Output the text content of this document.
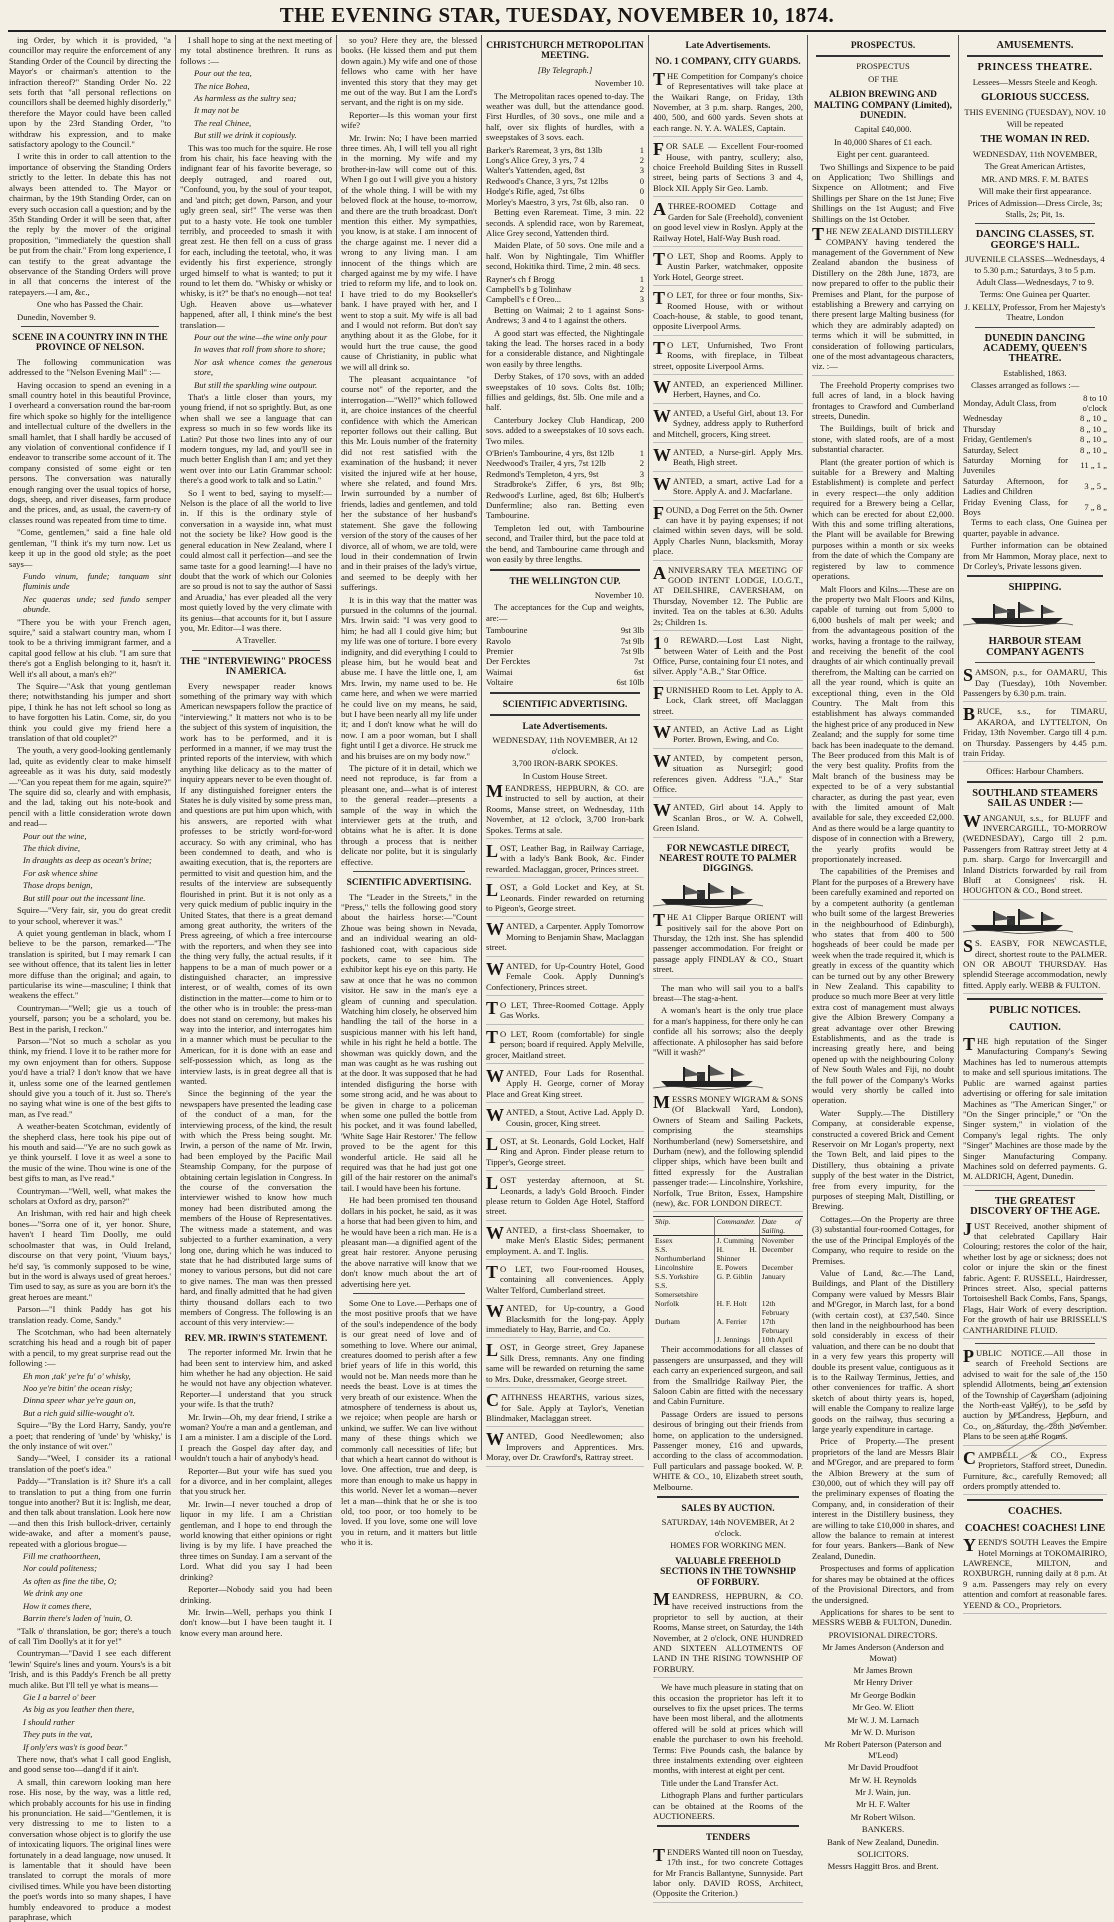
THE EVENING STAR, TUESDAY, NOVEMBER 10, 1874.

ing Order, by which it is provided, "a councillor may require the enforcement of any Standing Order of the Council by directing the Mayor's or chairman's attention to the infraction thereof?" Standing Order No. 22 sets forth that "all personal reflections on councillors shall be deemed highly disorderly," therefore the Mayor could have been called upon by the 23rd Standing Order, "to withdraw his expression, and to make satisfactory apology to the Council."

I write this in order to call attention to the importance of observing the Standing Orders strictly to the letter. In debate this has not always been attended to. The Mayor or chairman, by the 19th Standing Order, can on every such occasion call a question; and by the 35th Standing Order it will be seen that, after the reply by the mover of the original proposition, "immediately the question shall be put from the chair." From long experience, I can testify to the great advantage the observance of the Standing Orders will prove in all that concerns the interest of the ratepayers.—I am, &c.,

One who has Passed the Chair.

Dunedin, November 9.

SCENE IN A COUNTRY INN IN THE PROVINCE OF NELSON.

The following communication was addressed to the "Nelson Evening Mail" :—

Having occasion to spend an evening in a small country hotel in this beautiful Province, I overheard a conversation round the bar-room fire which spoke so highly for the intelligence and intellectual culture of the dwellers in the small hamlet, that I shall hardly be accused of any violation of conventional confidence if I endeavor to transcribe some account of it. The company consisted of some eight or ten persons. The conversation was naturally enough ranging over the usual topics of horse, dogs, sheep, and river diseases, farm produce and the prices, and, as usual, the cavern-ry of classes round was repeated from time to time.

"Come, gentlemen," said a fine hale old gentleman, "I think it's my turn now. Let us keep it up in the good old style; as the poet says—

Fundo vinum, funde; tanquam sint fluminis unde

Nec quaeras unde; sed fundo semper abunde.

"There you be with your French agen, squire," said a stalwart country man, whom I took to be a thriving immigrant farmer, and a capital good fellow at his club. "I am sure that there's got a English belonging to it, hasn't it. Well it's all about, a man's eh?"

The Squire—"Ask that young gentleman there; notwithstanding his jumper and short pipe, I think he has not left school so long as to have forgotten his Latin. Come, sir, do you think you could give my friend here a translation of that old couplet?"

The youth, a very good-looking gentlemanly lad, quite as evidently clear to make himself agreeable as it was his duty, said modestly—"Can you repeat them for me again, squire?" The squire did so, clearly and with emphasis, and the lad, taking out his note-book and pencil with a little consideration wrote down and read—

Pour out the wine,

The thick divine,

In draughts as deep as ocean's brine;

For ask whence shine

Those drops benign,

But still pour out the incessant line.

Squire—"Very fair, sir, you do great credit to your school, wherever it was."

A quiet young gentleman in black, whom I believe to be the parson, remarked—"The translation is spirited, but I may remark I can see without offence, that its talent lies in letter more diffuse than the original; and again, to particularise its wine—masculine; I think that weakens the effect."

Countryman—"Well; gie us a touch of yourself, parson; you be a scholard, you be. Best in the parish, I reckon."

Parson—"Not so much a scholar as you think, my friend. I love it to be rather more for my own enjoyment than for others. Suppose you'd have a trial? I don't know that we have it, unless some one of the learned gentlemen should give you a touch of it. Just so. There's no saying what wine is one of the best gifts to man, as I've read."

A weather-beaten Scotchman, evidently of the shepherd class, here took his pipe out of his mouth and said—"Ye are no such gowk as ye think yourself. I love it as weel a sone to the music of the wine. Thou wine is one of the best gifts to man, as I've read."

Countryman—"Well, well, what makes the scholars at Oxford as dry, parson?"

An Irishman, with red hair and high cheek bones—"Sorra one of it, yer honor. Shure, haven't I heard Tim Doolly, me ould schoolmaster that was, in Ould Ireland, discourse on that very point, 'Viuum bays,' he'd say, 'is commonly supposed to be wine, but in the word is always used of great heroes.' Tim used to say, as sure as you are born it's the great heroes are meant."

Parson—"I think Paddy has got his translation ready. Come, Sandy."

The Scotchman, who had been alternately scratching his head and a rough bit of paper with a pencil, to my great surprise read out the following :—

Eh mon ,tak' ye're fu' o' whisky,

Noo ye're bitin' the ocean risky;

Dinna speer whar ye're gaun on,

But a rich guid sillie-wought o't.

Squire—"By the Lord Harry, Sandy, you're a poet; that rendering of 'unde' by 'whisky,' is the only instance of wit over."

Sandy—"Weel, I consider its a rational translation of the poet's idea."

Paddy—"Translation is it? Shure it's a call to translation to put a thing from one furrin tongue into another? But it is: Inglish, me dear, and then talk about translation. Look here now—and then this Irish bullock-driver, certainly wide-awake, and after a moment's pause, repeated with a glorious brogue—

Fill me crathoortheen,

Nor could politeness;

As often as fine the tibe, O;

We drink any one

How it comes there,

Barrin there's laden of 'nuin, O.

"Talk o' thranslation, be gor; there's a touch of call Tim Doolly's at it for ye!"

Countryman—"David I see each different 'lewin' Squire's lines and yourn. Yours's is a bit 'Irish, and is this Paddy's French be all pretty much alike. But I'll tell ye what is means—

Gie I a barrel o' beer

As big as you leather then there,

I should rather

They puts in the vat,

If only'ers was't is good bear."

There now, that's what I call good English, and good sense too—dang'd if it ain't.

A small, thin careworn looking man here rose. His nose, by the way, was a little red, which probably accounts for his use in finding his pronunciation. He said—"Gentlemen, it is very distressing to me to listen to a conversation whose object is to glorify the use of intoxicating liquors. The original lines were fortunately in a dead language, now unused. It is lamentable that it should have been translated to corrupt the morals of more civilised times. While you have been distorting the poet's words into so many shapes, I have humbly endeavored to produce a modest paraphrase, which

I shall hope to sing at the next meeting of my total abstinence brethren. It runs as follows :—

Pour out the tea,

The nice Bohea,

As harmless as the sultry sea;

It may not be

The real Chinee,

But still we drink it copiously.

This was too much for the squire. He rose from his chair, his face heaving with the indignant fear of his favorite beverage, so deeply outraged, and roared out, "Confound, you, by the soul of your teapot, and 'and pitch; get down, Parson, and your ugly green seal, sir!" The verse was then put to a hasty vote. He took one tumbler terribly, and proceeded to smash it with great zest. He then fell on a cuss of grass for each, including the teetotal, who, it was evidently his first experience, strongly urged himself to what is wanted; to put it round to let them do. "Whisky or whisky or whisky, is it?" be that's no enough—not tea! Ugh. Heaven above us—whatever happened, after all, I think mine's the best translation—

Pour out the wine—the wine only pour

In waves that roll from shore to shore;

Nor ask whence comes the generous store,

But still the sparkling wine outpour.

That's a little closer than yours, my young friend, if not so sprightly. But, as one when shall we see a language that can express so much in so few words like its Latin? Put those two lines into any of our modern tongues, my lad, and you'll see in much better English than I am; and yet they went over into our Latin Grammar school: there's a good work to talk and so Latin."

So I went to bed, saying to myself:—Nelson is the place of all the world to live in. If this is the ordinary style of conversation in a wayside inn, what must not the society be like? How good is the general education in New Zealand, where I could almost call it perfection—and see the same taste for a good learning!—I have no doubt that the work of which our Colonies are so proud is not to say the author of Sassi and Aruadia,' has ever pleaded all the very most quietly loved by the very climate with its genius—that accounts for it, but I assure you, Mr. Editor—I was there.

A Traveller.

THE "INTERVIEWING" PROCESS IN AMERICA.

Every newspaper reader knows something of the primary way with which American newspapers follow the practice of "interviewing." It matters not who is to be the subject of this system of inquisition, the work has to be performed, and it is performed in a manner, if we may trust the printed reports of the interview, with which anything like delicacy as to the matter of inquiry appears never to be even thought of. If any distinguished foreigner enters the States he is duly visited by some press man, and questions are put him upon which, with his answers, are reported with what professes to be strictly word-for-word accuracy. So with any criminal, who has been condemned to death, and who is awaiting execution, that is, the reporters are permitted to visit and question him, and the results of the interview are subsequently flourished in print. But it is not only as a very quick medium of public inquiry in the United States, that there is a great demand among great authority, the writers of the Press agreeing, of which a free intercourse with the reporters, and when they see into the thing very fully, the actual results, if it happens to be a man of much power or a distinguished character, an impressive interest, or of wealth, comes of its own distinction in the matter—come to him or to the other who is in trouble: the press-man does not stand on ceremony, but makes his way into the interior, and interrogates him in a manner which must be peculiar to the American, for it is done with an ease and self-possession which, as long as the interview lasts, is in great degree all that is wanted.

Since the beginning of the year the newspapers have presented the leading case of the conduct of a man, for the interviewing process, of the kind, the result with which the Press being sought. Mr. Irwin, a person of the name of Mr. Irwin, had been employed by the Pacific Mail Steamship Company, for the purpose of obtaining certain legislation in Congress. In the course of the conversation the interviewer wished to know how much money had been distributed among the members of the House of Representatives. The witness made a statement, and was subjected to a further examination, a very long one, during which he was induced to state that he had distributed large sums of money to various persons, but did not care to give names. The man was then pressed hard, and finally admitted that he had given thirty thousand dollars each to two members of Congress. The following is an account of this very interview:—

REV. MR. IRWIN'S STATEMENT.

The reporter informed Mr. Irwin that he had been sent to interview him, and asked him whether he had any objection. He said he would not have any objection whatever. Reporter—I understand that you struck your wife. Is that the truth?

Mr. Irwin—Oh, my dear friend, I strike a woman? You're a man and a gentleman, and I am a minister. I am a disciple of the Lord. I preach the Gospel day after day, and wouldn't touch a hair of anybody's head.

Reporter—But your wife has sued you for a divorce, and in her complaint, alleges that you struck her.

Mr. Irwin—I never touched a drop of liquor in my life. I am a Christian gentleman, and I hope to end through the world knowing that either opinions or right living is by my life. I have preached the three times on Sunday. I am a servant of the Lord. What did you say I had been drinking?

Reporter—Nobody said you had been drinking.

Mr. Irwin—Well, perhaps you think I don't know—but I have been taught it. I know every man around here.

so you? Here they are, the blessed books. (He kissed them and put them down again.) My wife and one of those fellows who came with her have invented this story that they may get me out of the way. But I am the Lord's servant, and the right is on my side.

Reporter—Is this woman your first wife?

Mr. Irwin: No; I have been married three times. Ah, I will tell you all right in the morning. My wife and my brother-in-law will come out of this. When I go out I will give you a history of the whole thing. I will be with my beloved flock at the house, to-morrow, and there are the truth broadcast. Don't mention this either. My sympathies, you know, is at stake. I am innocent of the charge against me. I never did a wrong to any living man. I am innocent of the things which are charged against me by my wife. I have tried to reform my life, and to look on. I have tried to do my Bookseller's bank. I have prayed with her, and I went to stop a suit. My wife is all bad and I would not reform. But don't say anything about it as the Globe, for it would hurt the true cause, the good cause of Christianity, in public what we will all drink so.

The pleasant acquaintance "of course not" of the reporter, and the interrogation—"Well?" which followed it, are choice instances of the cheerful confidence with which the American reporter follows out their calling. But this Mr. Louis number of the fraternity did not rest satisfied with the examination of the husband; it never visited the injured wife at her house, where she related, and found Mrs. Irwin surrounded by a number of friends, ladies and gentlemen, and told her the substance of her husband's statement. She gave the following version of the story of the causes of her divorce, all of whom, we are told, were loud in their condemnation of Irwin and in their praises of the lady's virtue, and seemed to be deeply with her sufferings.

It is in this way that the matter was pursued in the columns of the journal. Mrs. Irwin said: "I was very good to him; he had all I could give him; but my life was one of torture. I bore every indignity, and did everything I could to please him, but he would beat and abuse me. I have the little one, I, am Mrs. Irwin, my name used to be. He came here, and when we were married he could live on my means, he said, but I have been nearly all my life under it; and I don't know what he will do now. I am a poor woman, but I shall fight until I get a divorce. He struck me and his bruises are on my body now."

The picture of it in detail, which we need not reproduce, is far from a pleasant one, and—what is of interest to the general reader—presents a sample of the way in which the interviewer gets at the truth, and obtains what he is after. It is done through a process that is neither delicate nor polite, but it is singularly effective.

SCIENTIFIC ADVERTISING.

The "Leader in the Streets," in the "Press," tells the following good story about the hairless horse:—"Count Zhoue was being shown in Nevada, and an individual wearing an old-fashioned coat, with capacious side pockets, came to see him. The exhibitor kept his eye on this party. He saw at once that he was no common visitor. He saw in the man's eye a gleam of cunning and speculation. Watching him closely, he observed him handling the tail of the horse in a suspicious manner with his left hand, while in his right he held a bottle. The showman was quickly down, and the man was caught as he was rushing out at the door. It was supposed that he had intended disfiguring the horse with some strong acid, and he was about to be given in charge to a policeman when some one pulled the bottle from his pocket, and it was found labelled, 'White Sage Hair Restorer.' The fellow proved to be the agent for this wonderful article. He said all he required was that he had just got one gill of the hair restorer on the animal's tail. I would have been his fortune.

He had been promised ten thousand dollars in his pocket, he said, as it was a horse that had been given to him, and he would have been a rich man. He is a pleasant man—a dignified agent of the great hair restorer. Anyone perusing the above narrative will know that we don't know much about the art of advertising here yet.

Some One to Love.—Perhaps one of the most positive proofs that we have of the soul's independence of the body is our great need of love and of something to love. Where our animal, creatures doomed to perish after a few brief years of life in this world, this would not be. Man needs more than he needs the beast. Love is at times the very breath of our existence. When the atmosphere of tenderness is about us, we rejoice; when people are harsh or unkind, we suffer. We can live without many of these things which we commonly call necessities of life; but that which a heart cannot do without is love. One affection, true and deep, is more than enough to make us happy in this world. Never let a woman—never let a man—think that he or she is too old, too poor, or too homely to be loved. If you love, some one will love you in return, and it matters but little who it is.

CHRISTCHURCH METROPOLITAN MEETING.

[By Telegraph.]

November 10.

The Metropolitan races opened to-day. The weather was dull, but the attendance good. First Hurdles, of 30 sovs., one mile and a half, over six flights of hurdles, with a sweepstakes of 3 sovs. each.

Barker's Raremeat, 3 yrs, 8st 13lb	1
Long's Alice Grey, 3 yrs, 7 4	2
Walter's Yattenden, aged, 8st	3
Redwood's Chance, 3 yrs, 7st 12lbs	0
Hodge's Rifle, aged, 7st 6lbs	0
Morley's Maestro, 3 yrs, 7st 6lb, also ran.	0

Betting even Raremeat. Time, 3 min. 22 seconds. A splendid race, won by Raremeat, Alice Grey second, Yattenden third.

Maiden Plate, of 50 sovs. One mile and a half. Won by Nightingale, Tim Whiffler second, Hokitika third. Time, 2 min. 48 secs.

Rayner's ch f Brogg	1
Campbell's b g Tolinhaw	2
Campbell's c f Oreo...	3

Betting on Waimai; 2 to 1 against Sons-Andrews; 3 and 4 to 1 against the others.

A good start was effected, the Nightingale taking the lead. The horses raced in a body for a considerable distance, and Nightingale won easily by three lengths.

Derby Stakes, of 170 sovs, with an added sweepstakes of 10 sovs. Colts 8st. 10lb; fillies and geldings, 8st. 5lb. One mile and a half.

Canterbury Jockey Club Handicap, 200 sovs. added to a sweepstakes of 10 sovs each. Two miles.

O'Brien's Tambourine, 4 yrs, 8st 12lb	1
Needwood's Trailer, 4 yrs, 7st 12lb	2
Redmond's Templeton, 4 yrs, 9st	3

Stradbroke's Ziffer, 6 yrs, 8st 9lb; Redwood's Lurline, aged, 8st 6lb; Hulbert's Dunfermline; also ran. Betting even Tambourine.

Templeton led out, with Tambourine second, and Trailer third, but the pace told at the bend, and Tambourine came through and won easily by three lengths.

THE WELLINGTON CUP.

November 10.

The acceptances for the Cup and weights, are:—

Tambourine	9st 3lb
Ravolo	7st 9lb
Premier	7st 9lb
Der Fercktes	7st
Waimai	6st
Voltaire	6st 10lb

SCIENTIFIC ADVERTISING.

Late Advertisements.

WEDNESDAY, 11th NOVEMBER, At 12 o'clock.

3,700 IRON-BARK SPOKES.

In Custom House Street.

MEANDRESS, HEPBURN, & CO. are instructed to sell by auction, at their Rooms, Manse street, on Wednesday, 11th November, at 12 o'clock, 3,700 Iron-bark Spokes. Terms at sale.

LOST, Leather Bag, in Railway Carriage, with a lady's Bank Book, &c. Finder rewarded. Maclaggan, grocer, Princes street.

LOST, a Gold Locket and Key, at St. Leonards. Finder rewarded on returning to Pigeon's, George street.

WANTED, a Carpenter. Apply Tomorrow Morning to Benjamin Shaw, Maclaggan street.

WANTED, for Up-Country Hotel, Good Female Cook. Apply Dunning's Confectionery, Princes street.

T O LET, Three-Roomed Cottage. Apply Gas Works.

T O LET, Room (comfortable) for single person; board if required. Apply Melville, grocer, Maitland street.

WANTED, Four Lads for Rosenthal. Apply H. George, corner of Moray Place and Great King street.

WANTED, a Stout, Active Lad. Apply D. Cousin, grocer, King street.

LOST, at St. Leonards, Gold Locket, Half Ring and Apron. Finder please return to Tipper's, George street.

LOST yesterday afternoon, at St. Leonards, a lady's Gold Brooch. Finder please return to Golden Age Hotel, Stafford street.

WANTED, a first-class Shoemaker, to make Men's Elastic Sides; permanent employment. A. and T. Inglis.

T O LET, two Four-roomed Houses, containing all conveniences. Apply Walter Telford, Cumberland street.

WANTED, for Up-country, a Good Blacksmith for the long-pay. Apply immediately to Hay, Barrie, and Co.

LOST, in George street, Grey Japanese Silk Dress, remnants. Any one finding same will be rewarded on returning the same to Mrs. Duke, dressmaker, George street.

CAITHNESS HEARTHS, various sizes, for Sale. Apply at Taylor's, Venetian Blindmaker, Maclaggan street.

WANTED, Good Needlewomen; also Improvers and Apprentices. Mrs. Moray, over Dr. Crawford's, Rattray street.

Late Advertisements.

NO. 1 COMPANY, CITY GUARDS.

THE Competition for Company's choice of Representatives will take place at the Waikari Range, on Friday, 13th November, at 3 p.m. sharp. Ranges, 200, 400, 500, and 600 yards. Seven shots at each range. N. Y. A. WALES, Captain.

FOR SALE — Excellent Four-roomed House, with pantry, scullery; also, choice Freehold Building Sites in Russell street, being parts of Sections 3 and 4, Block XII. Apply Sir Geo. Lamb.

ATHREE-ROOMED Cottage and Garden for Sale (Freehold), convenient on good level view in Roslyn. Apply at the Railway Hotel, Half-Way Bush road.

T O LET, Shop and Rooms. Apply to Austin Parker, watchmaker, opposite York Hotel, George street.

T O LET, for three or four months, Six-Roomed House, with or without Coach-house, & stable, to good tenant, opposite Liverpool Arms.

T O LET, Unfurnished, Two Front Rooms, with fireplace, in Tilbeat street, opposite Liverpool Arms.

WANTED, an experienced Milliner. Herbert, Haynes, and Co.

WANTED, a Useful Girl, about 13. For Sydney, address apply to Rutherford and Mitchell, grocers, King street.

WANTED, a Nurse-girl. Apply Mrs. Beath, High street.

WANTED, a smart, active Lad for a Store. Apply A. and J. Macfarlane.

FOUND, a Dog Ferret on the 5th. Owner can have it by paying expenses; if not claimed within seven days, will be sold. Apply Charles Nunn, blacksmith, Moray place.

ANNIVERSARY TEA MEETING OF GOOD INTENT LODGE, I.O.G.T., AT DEILSHIRE, CAVERSHAM, on Thursday, November 12. The Public are invited. Tea on the tables at 6.30. Adults 2s; Children 1s.

1 0 REWARD.—Lost Last Night, between Water of Leith and the Post Office, Purse, containing four £1 notes, and silver. Apply "A.B.," Star Office.

FURNISHED Room to Let. Apply to A. Lock, Clark street, off Maclaggan street.

WANTED, an Active Lad as Light Porter. Brown, Ewing, and Co.

WANTED, by competent person, situation as Nursegirl; good references given. Address "J.A.," Star Office.

WANTED, Girl about 14. Apply to Scanlan Bros., or W. A. Colwell, Green Island.

FOR NEWCASTLE DIRECT, NEAREST ROUTE TO PALMER DIGGINGS.

THE A1 Clipper Barque ORIENT will positively sail for the above Port on Thursday, the 12th inst. She has splendid passenger accommodation. For freight or passage apply FINDLAY & CO., Stuart street.

The man who will sail you to a ball's breast—The stag-a-hent.

A woman's heart is the only true place for a man's happiness, for there only he can confide all his sorrows; also the deeply affectionate. A philosopher has said before "Will it wash?"

MESSRS MONEY WIGRAM & SONS (Of Blackwall Yard, London), Owners of Steam and Sailing Packets, comprising the steamships Northumberland (new) Somersetshire, and Durham (new), and the following splendid clipper ships, which have been built and fitted expressly for the Australian passenger trade:— Lincolnshire, Yorkshire, Norfolk, True Briton, Essex, Hampshire (new), &c. FOR LONDON DIRECT.

Ship.	Commander.	Date of Sailing.
Essex	J. Cumming	November
S.S. Northumberland	H. H. Shinner	December
Lincolnshire	E. Powers	December
S.S. Yorkshire	G. P. Giblin	January
S.S. Somersetshire		
Norfolk	H. F. Holt	12th February
Durham	A. Ferrier	17th February
	J. Jennings	10th April

Their accommodations for all classes of passengers are unsurpassed, and they will each carry an experienced surgeon, and sail from the Smallridge Railway Pier, the Saloon Cabin are fitted with the necessary and Cabin Furniture.

Passage Orders are issued to persons desirous of bringing out their friends from home, on application to the undersigned. Passenger money, £16 and upwards, according to the class of accommodation. Full particulars and passage booked. W. P. WHITE & CO., 10, Elizabeth street south, Melbourne.

SALES BY AUCTION.

SATURDAY, 14th NOVEMBER, At 2 o'clock.

HOMES FOR WORKING MEN.

VALUABLE FREEHOLD SECTIONS IN THE TOWNSHIP OF FORBURY.

MEANDRESS, HEPBURN, & CO. have received instructions from the proprietor to sell by auction, at their Rooms, Manse street, on Saturday, the 14th November, at 2 o'clock, ONE HUNDRED AND SIXTEEN ALLOTMENTS OF LAND IN THE RISING TOWNSHIP OF FORBURY.

We have much pleasure in stating that on this occasion the proprietor has left it to ourselves to fix the upset prices. The terms have been most liberal, and the allotments offered will be sold at prices which will enable the purchaser to own his freehold. Terms: Five Pounds cash, the balance by three instalments extending over eighteen months, with interest at eight per cent.

Title under the Land Transfer Act.

Lithograph Plans and further particulars can be obtained at the Rooms of the AUCTIONEERS.

TENDERS

TENDERS Wanted till noon on Tuesday, 17th inst., for two concrete Cottages for Mr Francis Ballantyne, Sunnyside. Part labor only. DAVID ROSS, Architect, (Opposite the Criterion.)

PROSPECTUS.

PROSPECTUS

OF THE

ALBION BREWING AND MALTING COMPANY (Limited), DUNEDIN.

Capital £40,000.

In 40,000 Shares of £1 each.

Eight per cent. guaranteed.

Two Shillings and Sixpence to be paid on Application; Two Shillings and Sixpence on Allotment; and Five Shillings per Share on the 1st June; Five Shillings on the 1st August; and Five Shillings on the 1st October.

THE NEW ZEALAND DISTILLERY COMPANY having tendered the management of the Government of New Zealand abandon the business of Distillery on the 28th June, 1873, are now prepared to offer to the public their Premises and Plant, for the purpose of establishing a Brewery and carrying on there present large Malting business (for which they are admirably adapted) on terms which it will be submitted, in consideration of following particulars, one of the most advantageous characters, viz. :—

The Freehold Property comprises two full acres of land, in a block having frontages to Crawford and Cumberland streets, Dunedin.

The Buildings, built of brick and stone, with slated roofs, are of a most substantial character.

Plant (the greater portion of which is suitable for a Brewery and Malting Establishment) is complete and perfect in every respect—the only addition required for a Brewery being a Cellar, which can be erected for about £2,000. With this and some trifling alterations, the Plant will be available for Brewing purposes within a month or six weeks from the date of which the Company are registered by law to commence operations.

Malt Floors and Kilns.—These are on the property two Malt Floors and Kilns, capable of turning out from 5,000 to 6,000 bushels of malt per week; and from the advantageous position of the works, having a frontage to the railway, and receiving the benefit of the cool draughts of air which continually prevail therefrom, the Malting can be carried on all the year round, which is quite an exceptional thing, even in the Old Country. The Malt from this establishment has always commanded the highest price of any produced in New Zealand; and the supply for some time back has been inadequate to the demand. The Beer produced from this Malt is of the very best quality. Profits from the Malt branch of the business may be expected to be of a very substantial character, as during the past year, even with the limited amount of Malt available for sale, they exceeded £2,000. And as there would be a large quantity to dispose of in connection with a Brewery, the yearly profits would be proportionately increased.

The capabilities of the Premises and Plant for the purposes of a Brewery have been carefully examined and reported on by a competent authority (a gentleman who built some of the largest Breweries in the neighbourhood of Edinburgh), who states that from 400 to 500 hogsheads of beer could be made per week when the trade required it, which is greatly in excess of the quantity which can be turned out by any other Brewery in New Zealand. This capability to produce so much more Beer at very little extra cost of management must always give the Albion Brewery Company a great advantage over other Brewing Establishments, and as the trade is increasing greatly here, and being opened up with the neighbouring Colony of New South Wales and Fiji, no doubt the full power of the Company's Works would very shortly be called into operation.

Water Supply.—The Distillery Company, at considerable expense, constructed a covered Brick and Cement Reservoir on Mr Logan's property, next the Town Belt, and laid pipes to the Distillery, thus obtaining a private supply of the best water in the District, free from every impurity, for the purposes of steeping Malt, Distilling, or Brewing.

Cottages.—On the Property are three (3) substantial four-roomed Cottages, for the use of the Principal Employés of the Company, who require to reside on the Premises.

Value of Land, &c.—The Land, Buildings, and Plant of the Distillery Company were valued by Messrs Blair and M'Gregor, in March last, for a bond (with certain cost), at £37,540. Since then land in the neighbourhood has been sold considerably in excess of their valuation, and there can be no doubt that in a very few years this property will double its present value, contiguous as it is to the Railway Terminus, Jetties, and other conveniences for traffic. A short sketch of about thirty years is, hoped, will enable the Company to realize large goods on the railway, thus securing a large yearly expenditure in cartage.

Price of Property.—The present proprietors of the land are Messrs Blair and M'Gregor, and are prepared to form the Albion Brewery at the sum of £30,000, out of which they will pay off the preliminary expenses of floating the Company, and, in consideration of their interest in the Distillery business, they are willing to take £10,000 in shares, and allow the balance to remain at interest for four years. Bankers—Bank of New Zealand, Dunedin.

Prospectuses and forms of application for shares may be obtained at the offices of the Provisional Directors, and from the undersigned.

Applications for shares to be sent to MESSRS WEBB & FULTON, Dunedin.

PROVISIONAL DIRECTORS.

Mr James Anderson (Anderson and Mowat)

Mr James Brown

Mr Henry Driver

Mr George Bodkin

Mr Geo. W. Eliott

Mr W. J. M. Larnach

Mr W. D. Murison

Mr Robert Paterson (Paterson and M'Leod)

Mr David Proudfoot

Mr W. H. Reynolds

Mr J. Wain, jun.

Mr H. F. Walter

Mr Robert Wilson.

BANKERS.

Bank of New Zealand, Dunedin.

SOLICITORS.

Messrs Haggitt Bros. and Brent.

AMUSEMENTS.

PRINCESS THEATRE.

Lessees—Messrs Steele and Keogh.

GLORIOUS SUCCESS.

THIS EVENING (TUESDAY), NOV. 10

Will be repeated

THE WOMAN IN RED.

WEDNESDAY, 11th NOVEMBER,

The Great American Artistes,

MR. AND MRS. F. M. BATES

Will make their first appearance.

Prices of Admission—Dress Circle, 3s; Stalls, 2s; Pit, 1s.

DANCING CLASSES, ST. GEORGE'S HALL.

JUVENILE CLASSES—Wednesdays, 4 to 5.30 p.m.; Saturdays, 3 to 5 p.m.

Adult Class—Wednesdays, 7 to 9.

Terms: One Guinea per Quarter.

J. KELLY, Professor, From her Majesty's Theatre, London

DUNEDIN DANCING ACADEMY, QUEEN'S THEATRE.

Established, 1863.

Classes arranged as follows :—

Monday, Adult Class, from	8 to 10 o'clock
Wednesday	8 „ 10 „
Thursday	8 „ 10 „
Friday, Gentlemen's	8 „ 10 „
Saturday, Select	8 „ 10 „
Saturday Morning for Juveniles	11 „ 1 „
Saturday Afternoon, for Ladies and Children	3 „ 5 „
Friday Evening Class, for Boys	7 „ 8 „

Terms to each class, One Guinea per quarter, payable in advance.

Further information can be obtained from Mr Hammon, Moray place, next to Dr Corley's, Private lessons given.

SHIPPING.

HARBOUR STEAM COMPANY AGENTS

SAMSON, p.s., for OAMARU, This Day (Tuesday), 10th November. Passengers by 6.30 p.m. train.

BRUCE, s.s., for TIMARU, AKAROA, and LYTTELTON, On Friday, 13th November. Cargo till 4 p.m. on Thursday. Passengers by 4.45 p.m. train Friday.

Offices: Harbour Chambers.

SOUTHLAND STEAMERS SAIL AS UNDER :—

WANGANUI, s.s., for BLUFF and INVERCARGILL, TO-MORROW (WEDNESDAY), Cargo till 2 p.m. Passengers from Rattray street Jetty at 4 p.m. sharp. Cargo for Invercargill and Inland Districts forwarded by rail from Bluff at Consignees' risk. H. HOUGHTON & CO., Bond street.

S S. EASBY, FOR NEWCASTLE, direct, shortest route to the PALMER. ON OR ABOUT THURSDAY. Has splendid Steerage accommodation, newly fitted. Apply early. WEBB & FULTON.

PUBLIC NOTICES.

CAUTION.

THE high reputation of the Singer Manufacturing Company's Sewing Machines has led to numerous attempts to make and sell spurious imitations. The Public are warned against parties advertising or offering for sale imitation Machines as "The American Singer," or "On the Singer principle," or "On the Singer system," in violation of the Company's legal rights. The only "Singer" Machines are those made by the Singer Manufacturing Company. Machines sold on deferred payments. G. M. ALDRICH, Agent, Dunedin.

THE GREATEST DISCOVERY OF THE AGE.

JUST Received, another shipment of that celebrated Capillary Hair Colouring; restores the color of the hair, whether lost by age or sickness; does not color or injure the skin or the finest fabric. Agent: F. RUSSELL, Hairdresser, Princes street. Also, special patterns Tortoiseshell Back Combs, Fans, Spangs, Flags, Hair Work of every description. For the growth of hair use BRISSELL'S CANTHARIDINE FLUID.

PUBLIC NOTICE.—All those in search of Freehold Sections are advised to wait for the sale of the 150 splendid Allotments, being an extension of the Township of Caversham (adjoining the North-east Valley), to be sold by auction by M'Landress, Hepburn, and Co., on Saturday, the 28th November. Plans to be seen at the Rooms.

CAMPBELL & CO., Express Proprietors, Stafford street, Dunedin. Furniture, &c., carefully Removed; all orders promptly attended to.

COACHES.

COACHES! COACHES! LINE

YEEND'S SOUTH Leaves the Empire Hotel Mornings at TOKOMAIRIRO, LAWRENCE, MILTON, and ROXBURGH, running daily at 8 p.m. At 9 a.m. Passengers may rely on every attention and comfort at reasonable fares. YEEND & CO., Proprietors.
